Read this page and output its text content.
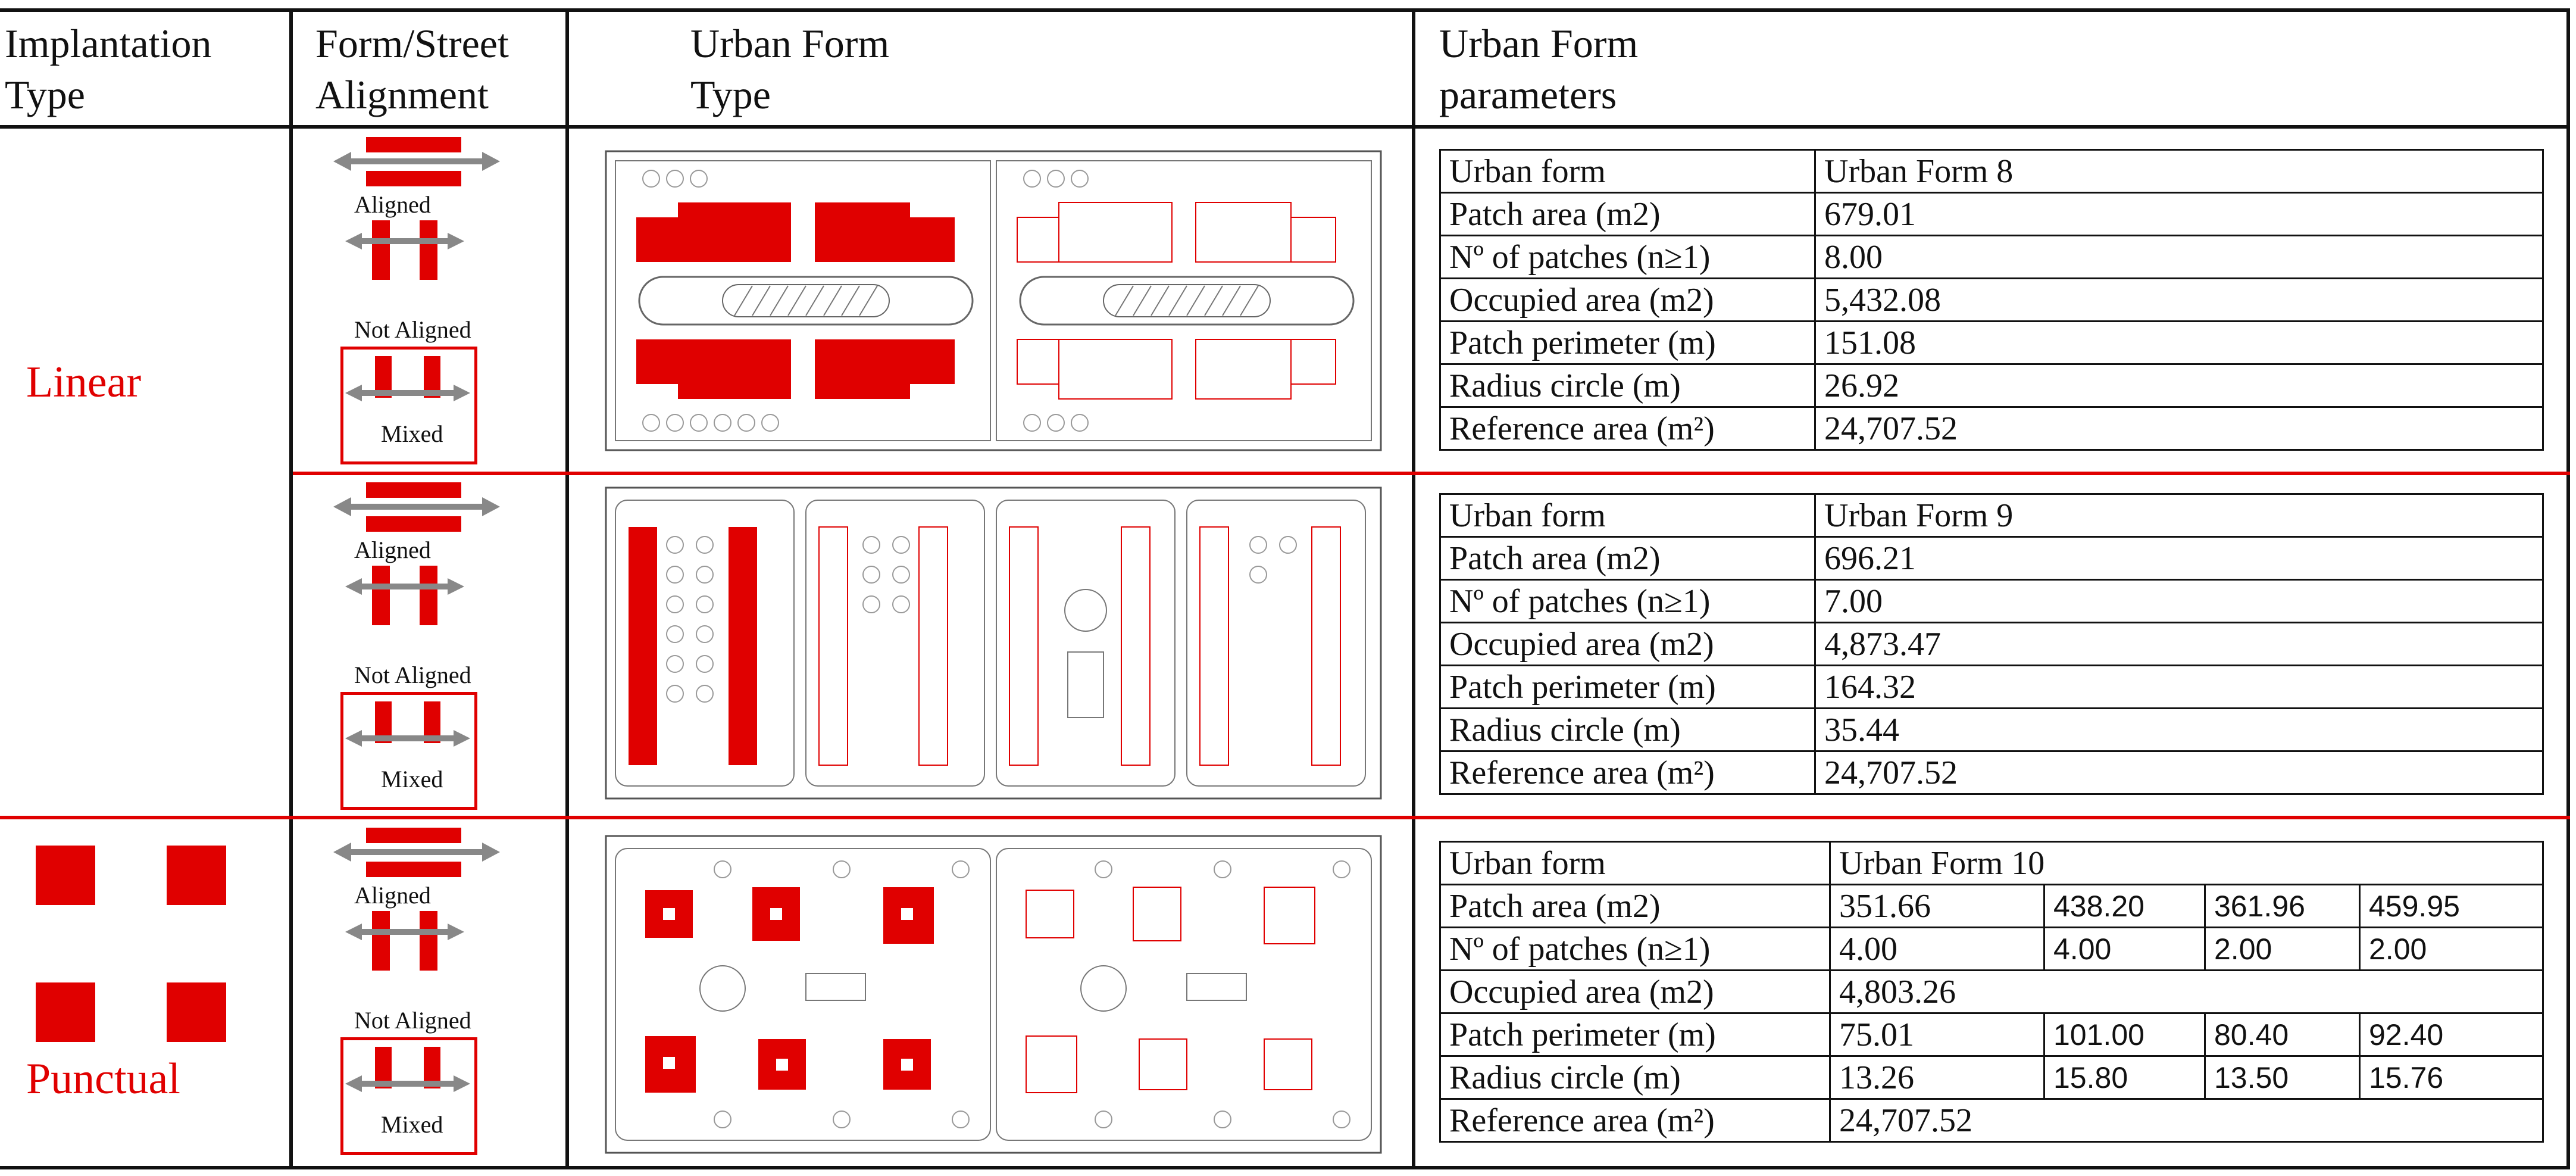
Implantation
Type
Form/Street
Alignment
Urban Form
Type
Urban Form
parameters
Linear
Punctual
Aligned
Not Aligned
Mixed
Aligned
Not Aligned
Mixed
Aligned
Not Aligned
Mixed
Urban form	Urban Form 8
Patch area (m2)	679.01
Nº of patches (n≥1)	8.00
Occupied area (m2)	5,432.08
Patch perimeter (m)	151.08
Radius circle (m)	26.92
Reference area (m²)	24,707.52
Urban form	Urban Form 9
Patch area (m2)	696.21
Nº of patches (n≥1)	7.00
Occupied area (m2)	4,873.47
Patch perimeter (m)	164.32
Radius circle (m)	35.44
Reference area (m²)	24,707.52
Urban form	Urban Form 10			
Patch area (m2)	351.66	438.20	361.96	459.95
Nº of patches (n≥1)	4.00	4.00	2.00	2.00
Occupied area (m2)	4,803.26			
Patch perimeter (m)	75.01	101.00	80.40	92.40
Radius circle (m)	13.26	15.80	13.50	15.76
Reference area (m²)	24,707.52			
